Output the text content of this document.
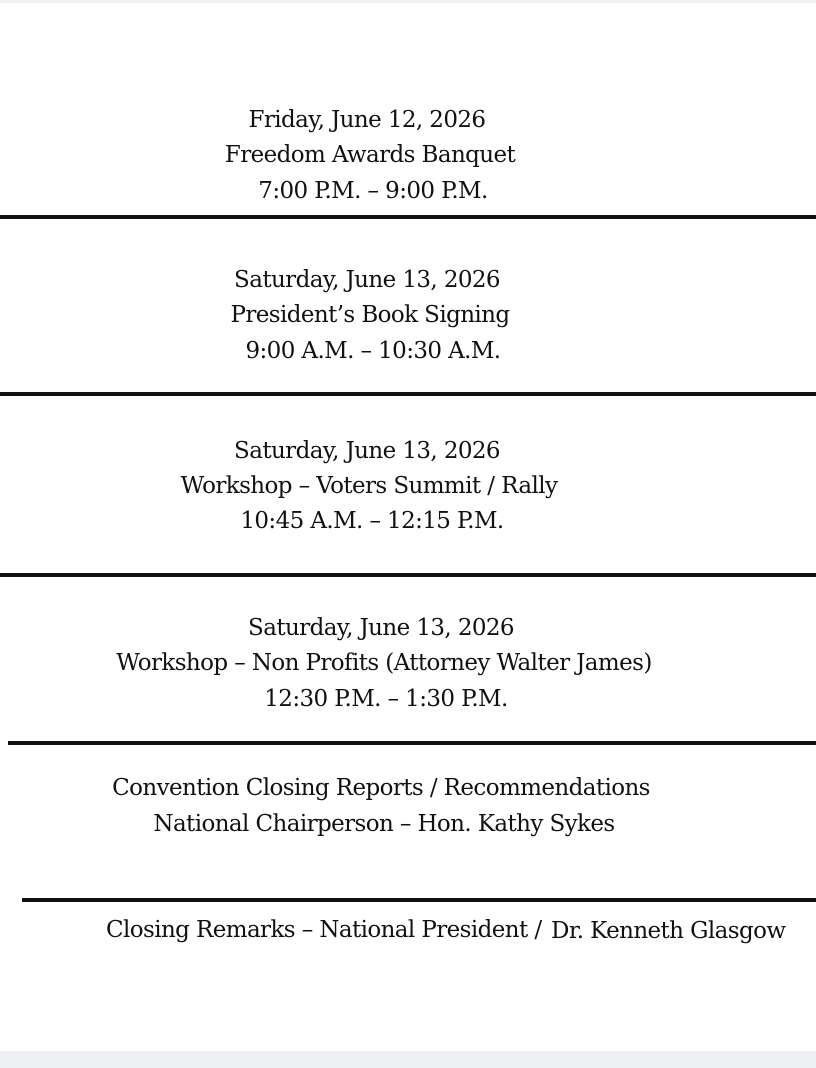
Friday, June 12, 2026
Freedom Awards Banquet
7:00 P.M. – 9:00 P.M.
Saturday, June 13, 2026
President’s Book Signing
9:00 A.M. – 10:30 A.M.
Saturday, June 13, 2026
Workshop – Voters Summit / Rally
10:45 A.M. – 12:15 P.M.
Saturday, June 13, 2026
Workshop – Non Profits (Attorney Walter James)
12:30 P.M. – 1:30 P.M.
Convention Closing Reports / Recommendations
National Chairperson – Hon. Kathy Sykes
Closing Remarks – National President / Dr. Kenneth Glasgow
